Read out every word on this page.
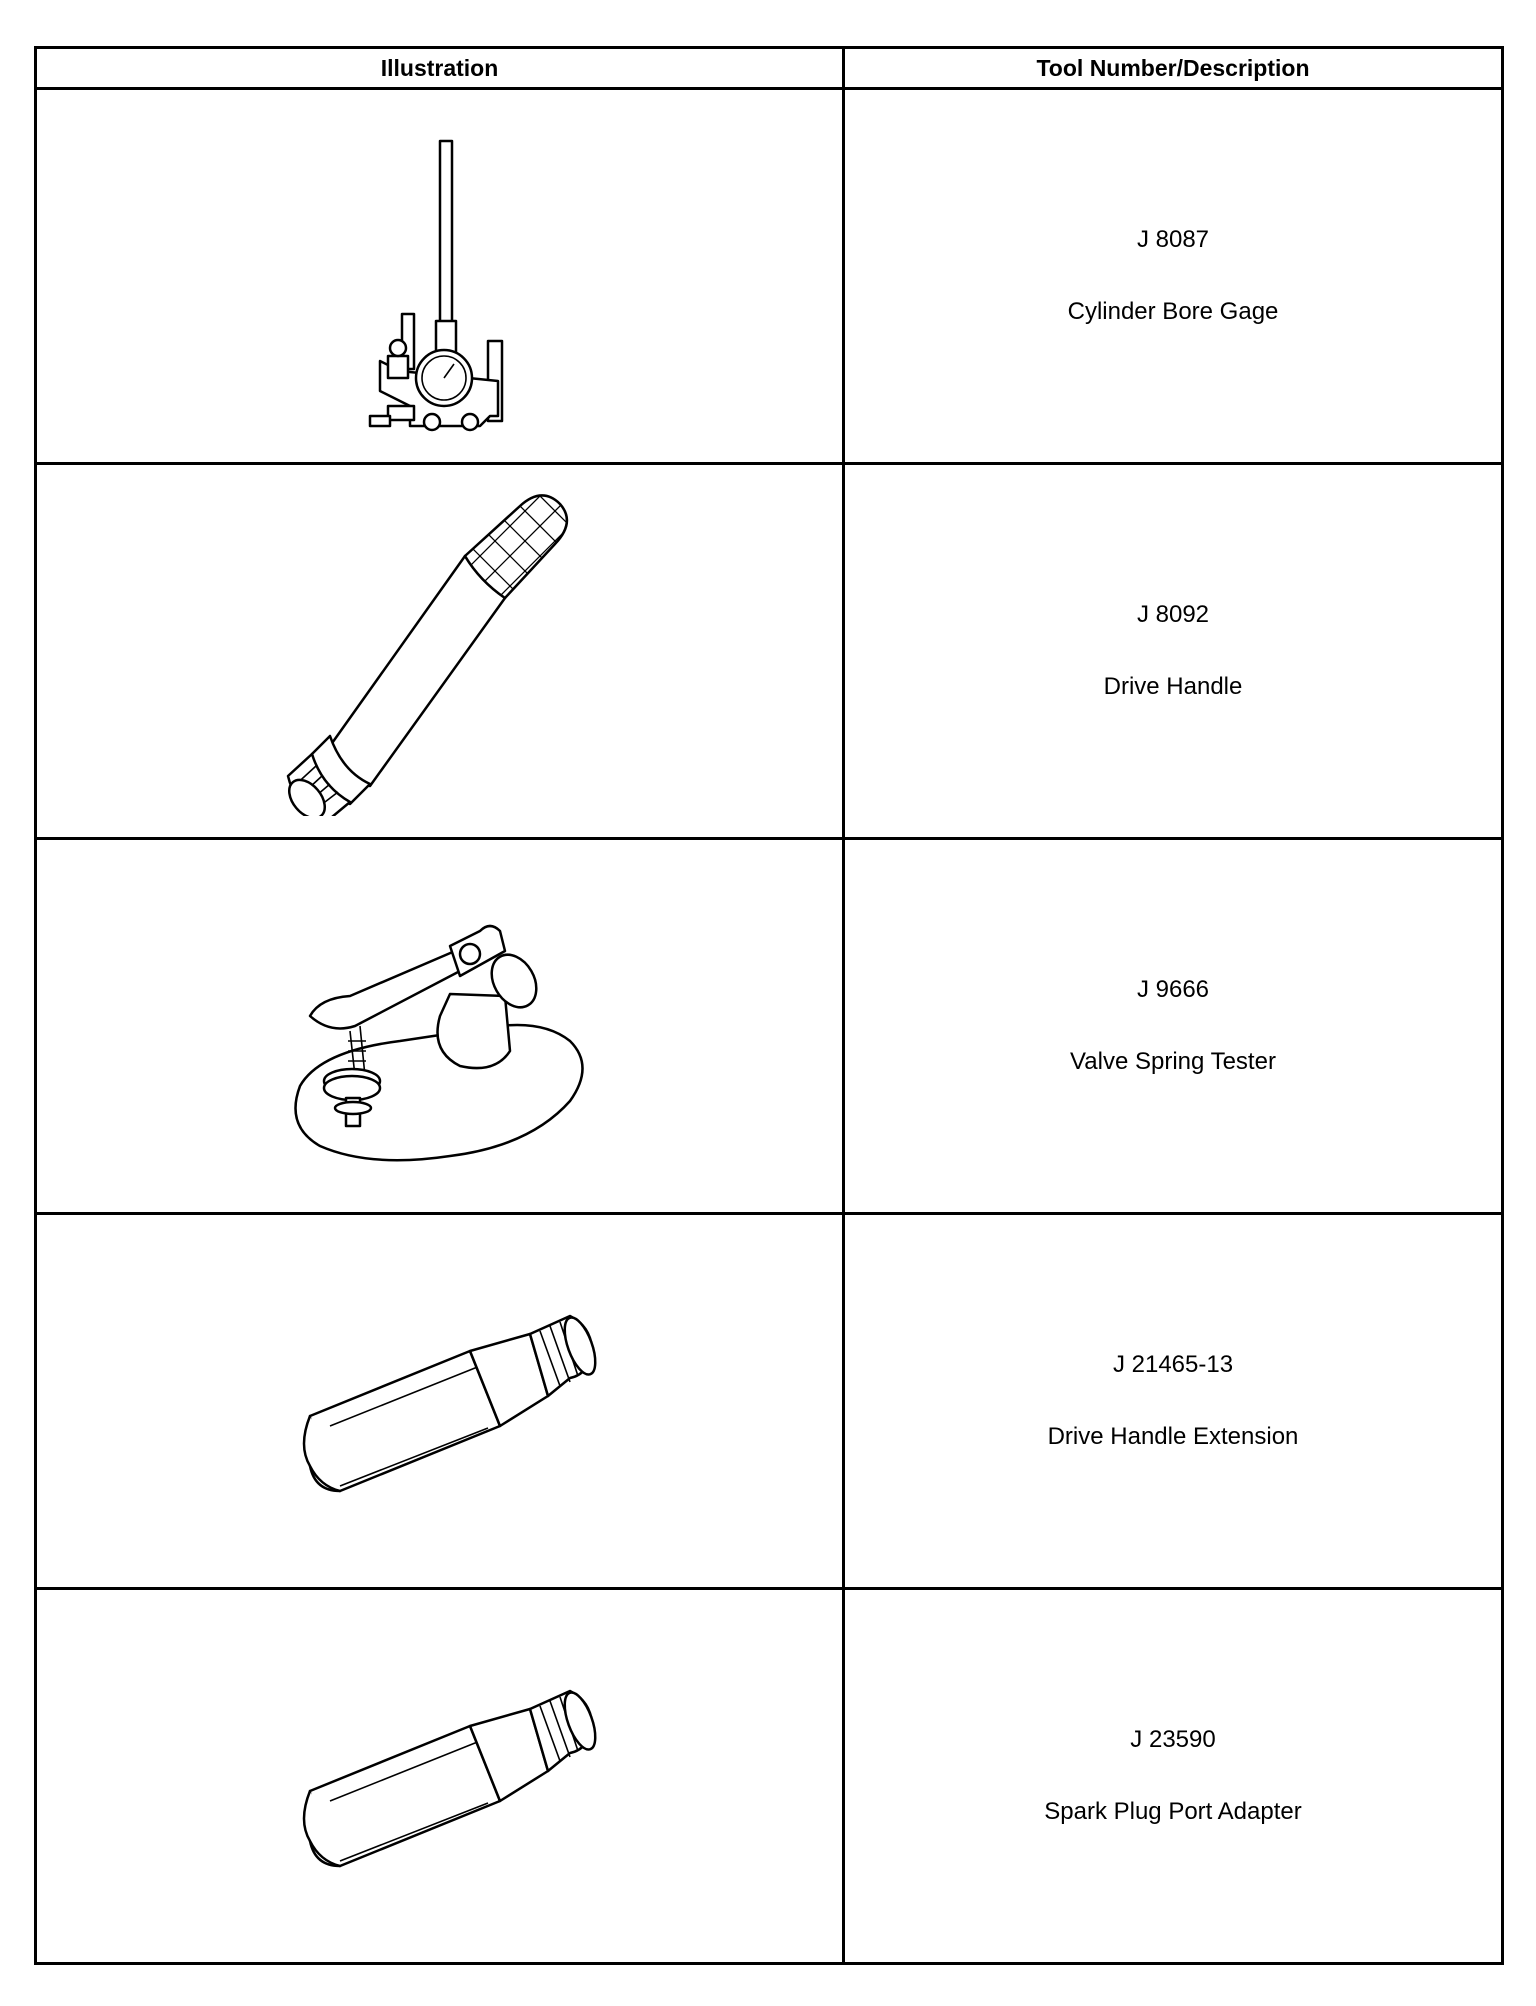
Illustration	Tool Number/Description

J 8087
Cylinder Bore Gage

J 8092
Drive Handle

J 9666
Valve Spring Tester

J 21465-13
Drive Handle Extension

J 23590
Spark Plug Port Adapter
